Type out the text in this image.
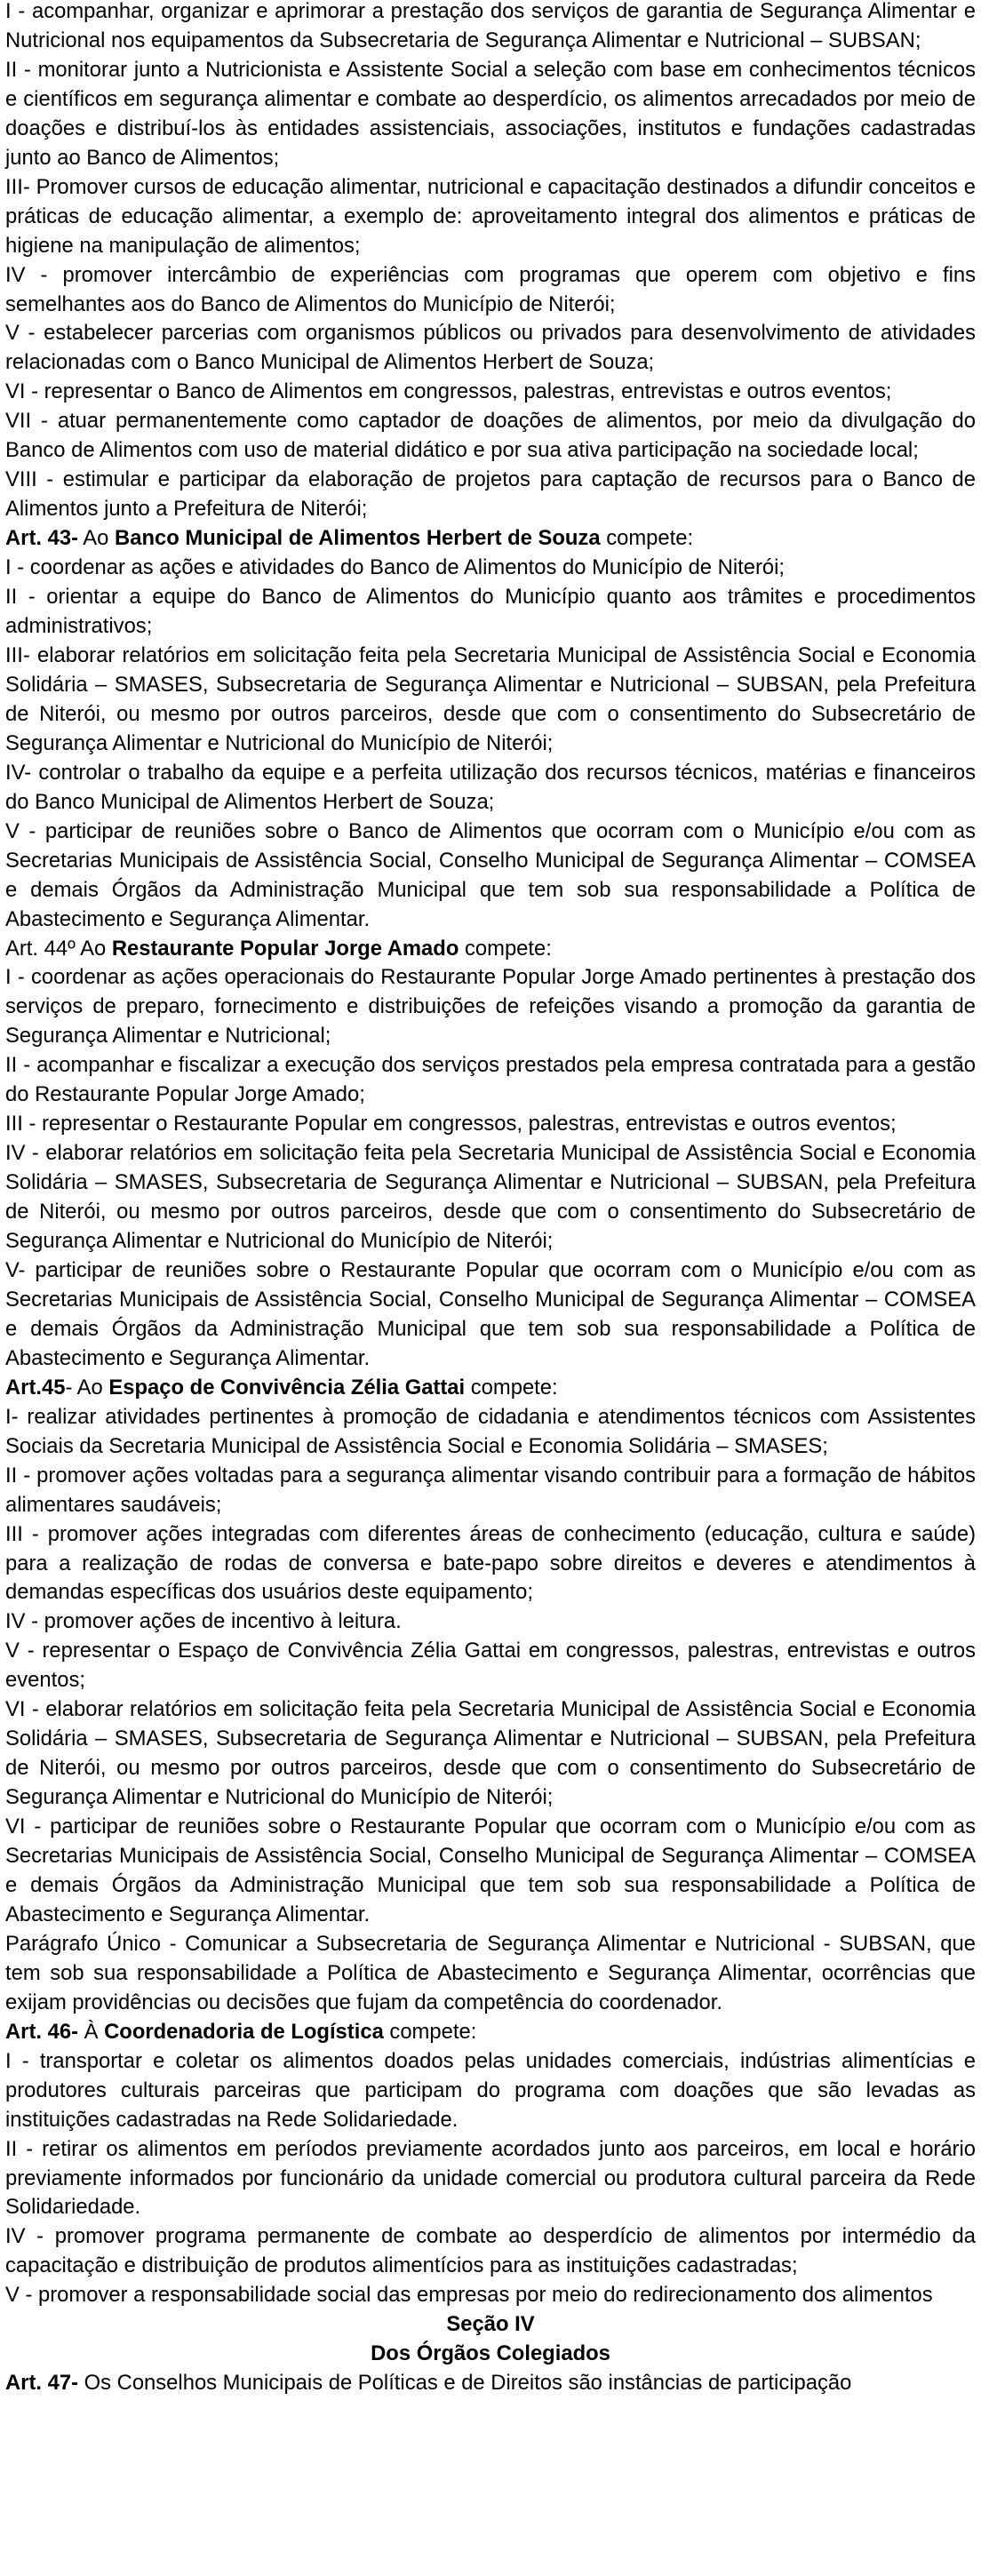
I - acompanhar, organizar e aprimorar a prestação dos serviços de garantia de Segurança Alimentar e Nutricional nos equipamentos da Subsecretaria de Segurança Alimentar e Nutricional – SUBSAN;

II - monitorar junto a Nutricionista e Assistente Social a seleção com base em conhecimentos técnicos e científicos em segurança alimentar e combate ao desperdício, os alimentos arrecadados por meio de doações e distribuí-los às entidades assistenciais, associações, institutos e fundações cadastradas junto ao Banco de Alimentos;

III- Promover cursos de educação alimentar, nutricional e capacitação destinados a difundir conceitos e práticas de educação alimentar, a exemplo de: aproveitamento integral dos alimentos e práticas de higiene na manipulação de alimentos;

IV - promover intercâmbio de experiências com programas que operem com objetivo e fins semelhantes aos do Banco de Alimentos do Município de Niterói;

V - estabelecer parcerias com organismos públicos ou privados para desenvolvimento de atividades relacionadas com o Banco Municipal de Alimentos Herbert de Souza;

VI - representar o Banco de Alimentos em congressos, palestras, entrevistas e outros eventos;

VII - atuar permanentemente como captador de doações de alimentos, por meio da divulgação do Banco de Alimentos com uso de material didático e por sua ativa participação na sociedade local;

VIII - estimular e participar da elaboração de projetos para captação de recursos para o Banco de Alimentos junto a Prefeitura de Niterói;

Art. 43- Ao Banco Municipal de Alimentos Herbert de Souza compete:

I - coordenar as ações e atividades do Banco de Alimentos do Município de Niterói;

II - orientar a equipe do Banco de Alimentos do Município quanto aos trâmites e procedimentos administrativos;

III- elaborar relatórios em solicitação feita pela Secretaria Municipal de Assistência Social e Economia Solidária – SMASES, Subsecretaria de Segurança Alimentar e Nutricional – SUBSAN, pela Prefeitura de Niterói, ou mesmo por outros parceiros, desde que com o consentimento do Subsecretário de Segurança Alimentar e Nutricional do Município de Niterói;

IV- controlar o trabalho da equipe e a perfeita utilização dos recursos técnicos, matérias e financeiros do Banco Municipal de Alimentos Herbert de Souza;

V - participar de reuniões sobre o Banco de Alimentos que ocorram com o Município e/ou com as Secretarias Municipais de Assistência Social, Conselho Municipal de Segurança Alimentar – COMSEA e demais Órgãos da Administração Municipal que tem sob sua responsabilidade a Política de Abastecimento e Segurança Alimentar.

Art. 44º Ao Restaurante Popular Jorge Amado compete:

I - coordenar as ações operacionais do Restaurante Popular Jorge Amado pertinentes à prestação dos serviços de preparo, fornecimento e distribuições de refeições visando a promoção da garantia de Segurança Alimentar e Nutricional;

II - acompanhar e fiscalizar a execução dos serviços prestados pela empresa contratada para a gestão do Restaurante Popular Jorge Amado;

III - representar o Restaurante Popular em congressos, palestras, entrevistas e outros eventos;

IV - elaborar relatórios em solicitação feita pela Secretaria Municipal de Assistência Social e Economia Solidária – SMASES, Subsecretaria de Segurança Alimentar e Nutricional – SUBSAN, pela Prefeitura de Niterói, ou mesmo por outros parceiros, desde que com o consentimento do Subsecretário de Segurança Alimentar e Nutricional do Município de Niterói;

V- participar de reuniões sobre o Restaurante Popular que ocorram com o Município e/ou com as Secretarias Municipais de Assistência Social, Conselho Municipal de Segurança Alimentar – COMSEA e demais Órgãos da Administração Municipal que tem sob sua responsabilidade a Política de Abastecimento e Segurança Alimentar.

Art.45- Ao Espaço de Convivência Zélia Gattai compete:

I- realizar atividades pertinentes à promoção de cidadania e atendimentos técnicos com Assistentes Sociais da Secretaria Municipal de Assistência Social e Economia Solidária – SMASES;

II - promover ações voltadas para a segurança alimentar visando contribuir para a formação de hábitos alimentares saudáveis;

III - promover ações integradas com diferentes áreas de conhecimento (educação, cultura e saúde) para a realização de rodas de conversa e bate-papo sobre direitos e deveres e atendimentos à demandas específicas dos usuários deste equipamento;

IV - promover ações de incentivo à leitura.

V - representar o Espaço de Convivência Zélia Gattai em congressos, palestras, entrevistas e outros eventos;

VI - elaborar relatórios em solicitação feita pela Secretaria Municipal de Assistência Social e Economia Solidária – SMASES, Subsecretaria de Segurança Alimentar e Nutricional – SUBSAN, pela Prefeitura de Niterói, ou mesmo por outros parceiros, desde que com o consentimento do Subsecretário de Segurança Alimentar e Nutricional do Município de Niterói;

VI - participar de reuniões sobre o Restaurante Popular que ocorram com o Município e/ou com as Secretarias Municipais de Assistência Social, Conselho Municipal de Segurança Alimentar – COMSEA e demais Órgãos da Administração Municipal que tem sob sua responsabilidade a Política de Abastecimento e Segurança Alimentar.

Parágrafo Único - Comunicar a Subsecretaria de Segurança Alimentar e Nutricional - SUBSAN, que tem sob sua responsabilidade a Política de Abastecimento e Segurança Alimentar, ocorrências que exijam providências ou decisões que fujam da competência do coordenador.

Art. 46- À Coordenadoria de Logística compete:

I - transportar e coletar os alimentos doados pelas unidades comerciais, indústrias alimentícias e produtores culturais parceiras que participam do programa com doações que são levadas as instituições cadastradas na Rede Solidariedade.

II - retirar os alimentos em períodos previamente acordados junto aos parceiros, em local e horário previamente informados por funcionário da unidade comercial ou produtora cultural parceira da Rede Solidariedade.

IV - promover programa permanente de combate ao desperdício de alimentos por intermédio da capacitação e distribuição de produtos alimentícios para as instituições cadastradas;

V - promover a responsabilidade social das empresas por meio do redirecionamento dos alimentos

Seção IV

Dos Órgãos Colegiados

Art. 47- Os Conselhos Municipais de Políticas e de Direitos são instâncias de participação
